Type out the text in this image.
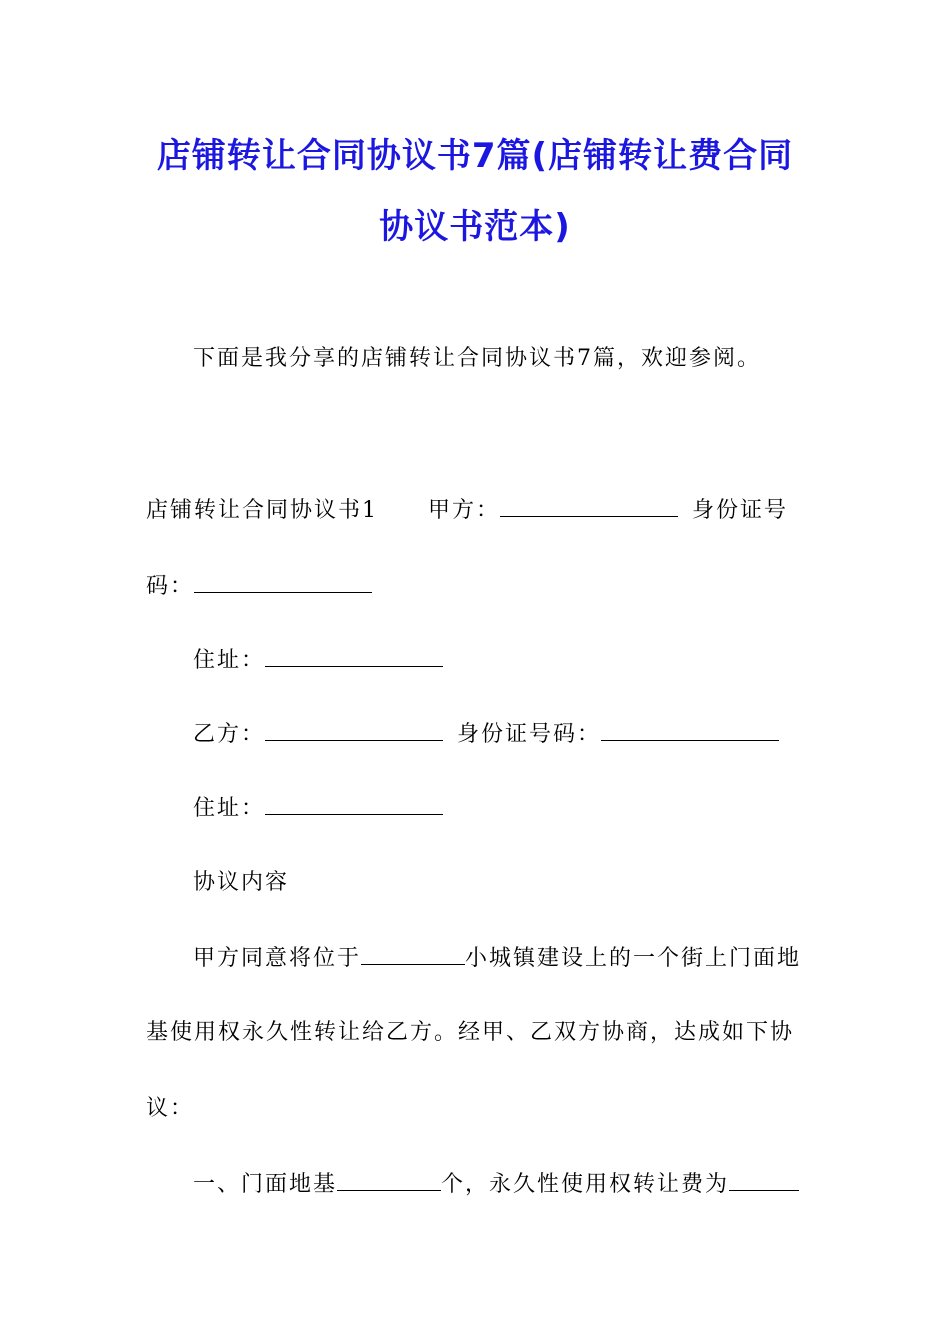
店铺转让合同协议书7篇(店铺转让费合同
协议书范本)
下面是我分享的店铺转让合同协议书7篇，欢迎参阅。
店铺转让合同协议书1 甲方：	身份证号
码：
住址：
乙方：	身份证号码：
住址：
协议内容
甲方同意将位于	小城镇建设上的一个街上门面地
基使用权永久性转让给乙方。经甲、乙双方协商，达成如下协
议：
一、门面地基	个，永久性使用权转让费为
